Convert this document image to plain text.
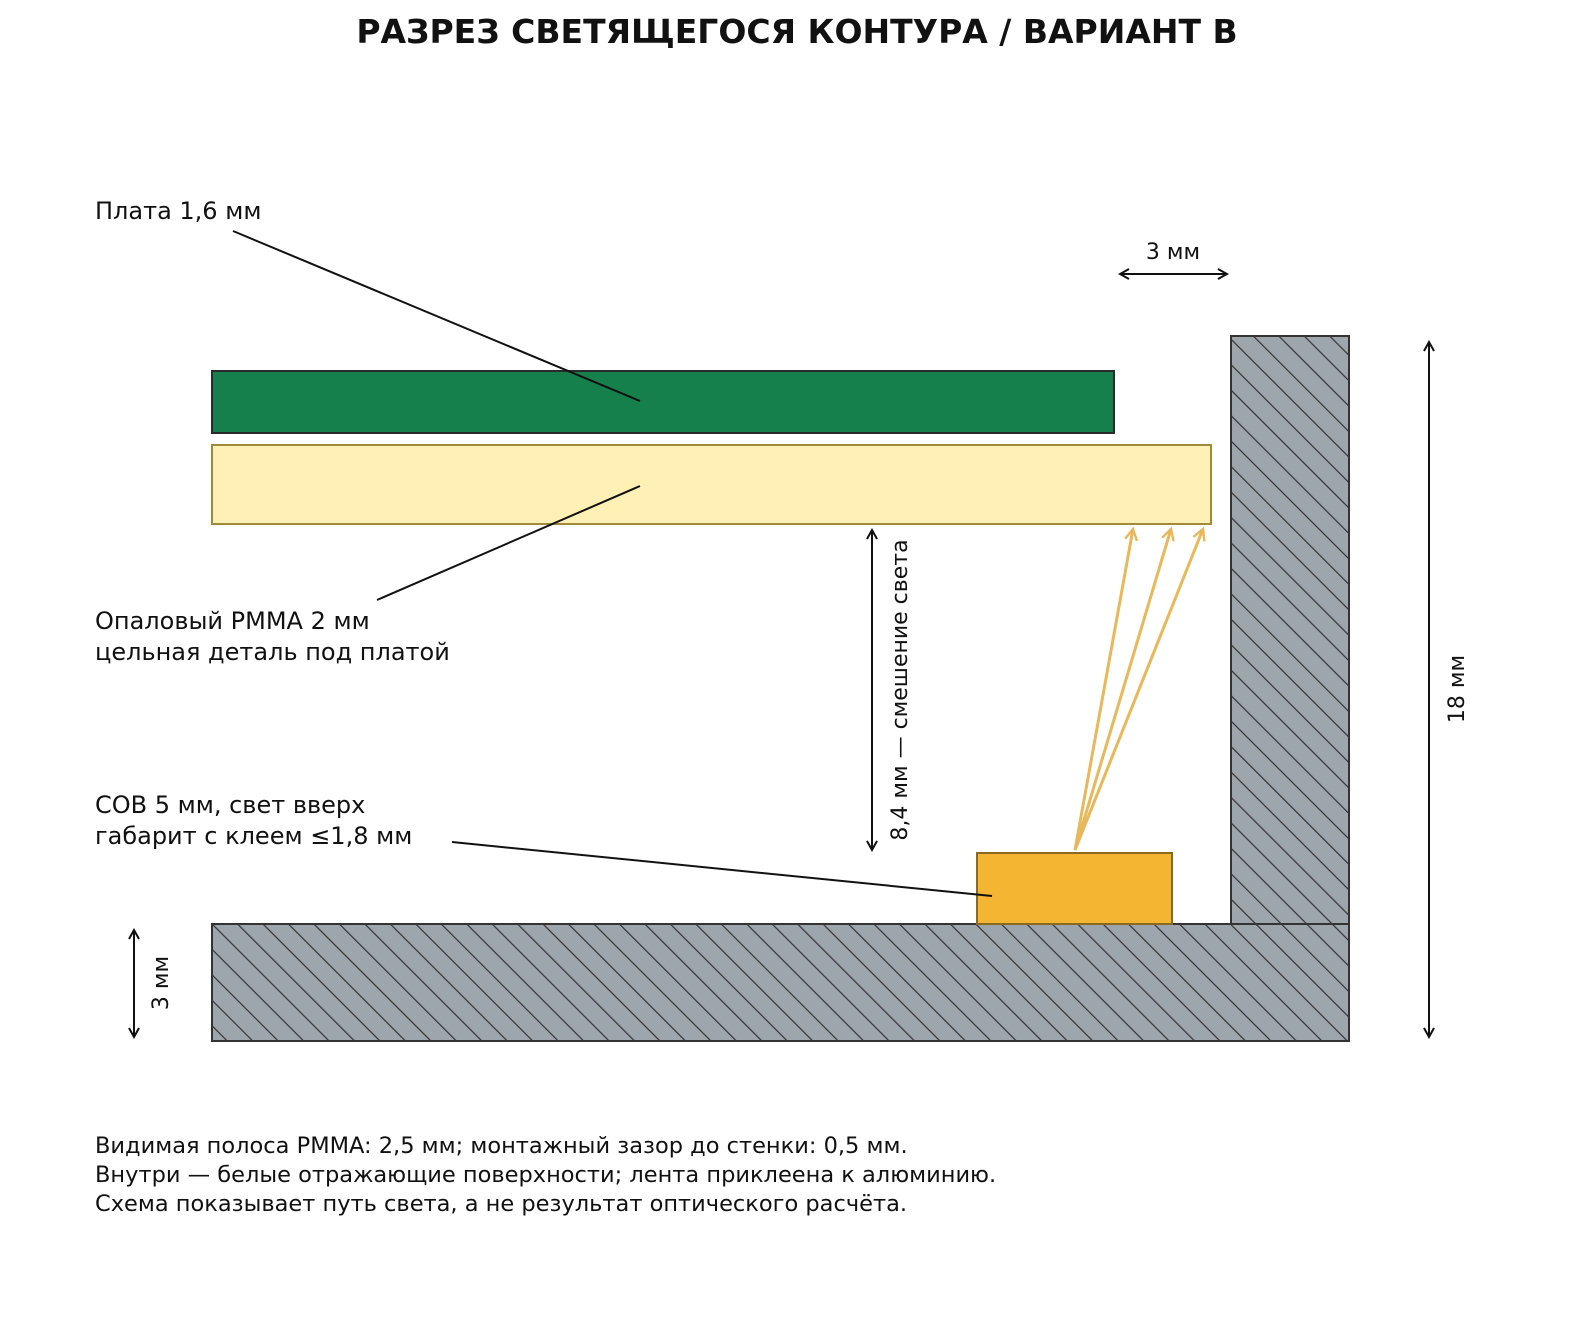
РАЗРЕЗ СВЕТЯЩЕГОСЯ КОНТУРА / ВАРИАНТ B
Плата 1,6 мм
Опаловый PMMA 2 мм
цельная деталь под платой
COB 5 мм, свет вверх
габарит с клеем ≤1,8 мм
3 мм
18 мм
3 мм
8,4 мм — смешение света
Видимая полоса PMMA: 2,5 мм; монтажный зазор до стенки: 0,5 мм.
Внутри — белые отражающие поверхности; лента приклеена к алюминию.
Схема показывает путь света, а не результат оптического расчёта.
